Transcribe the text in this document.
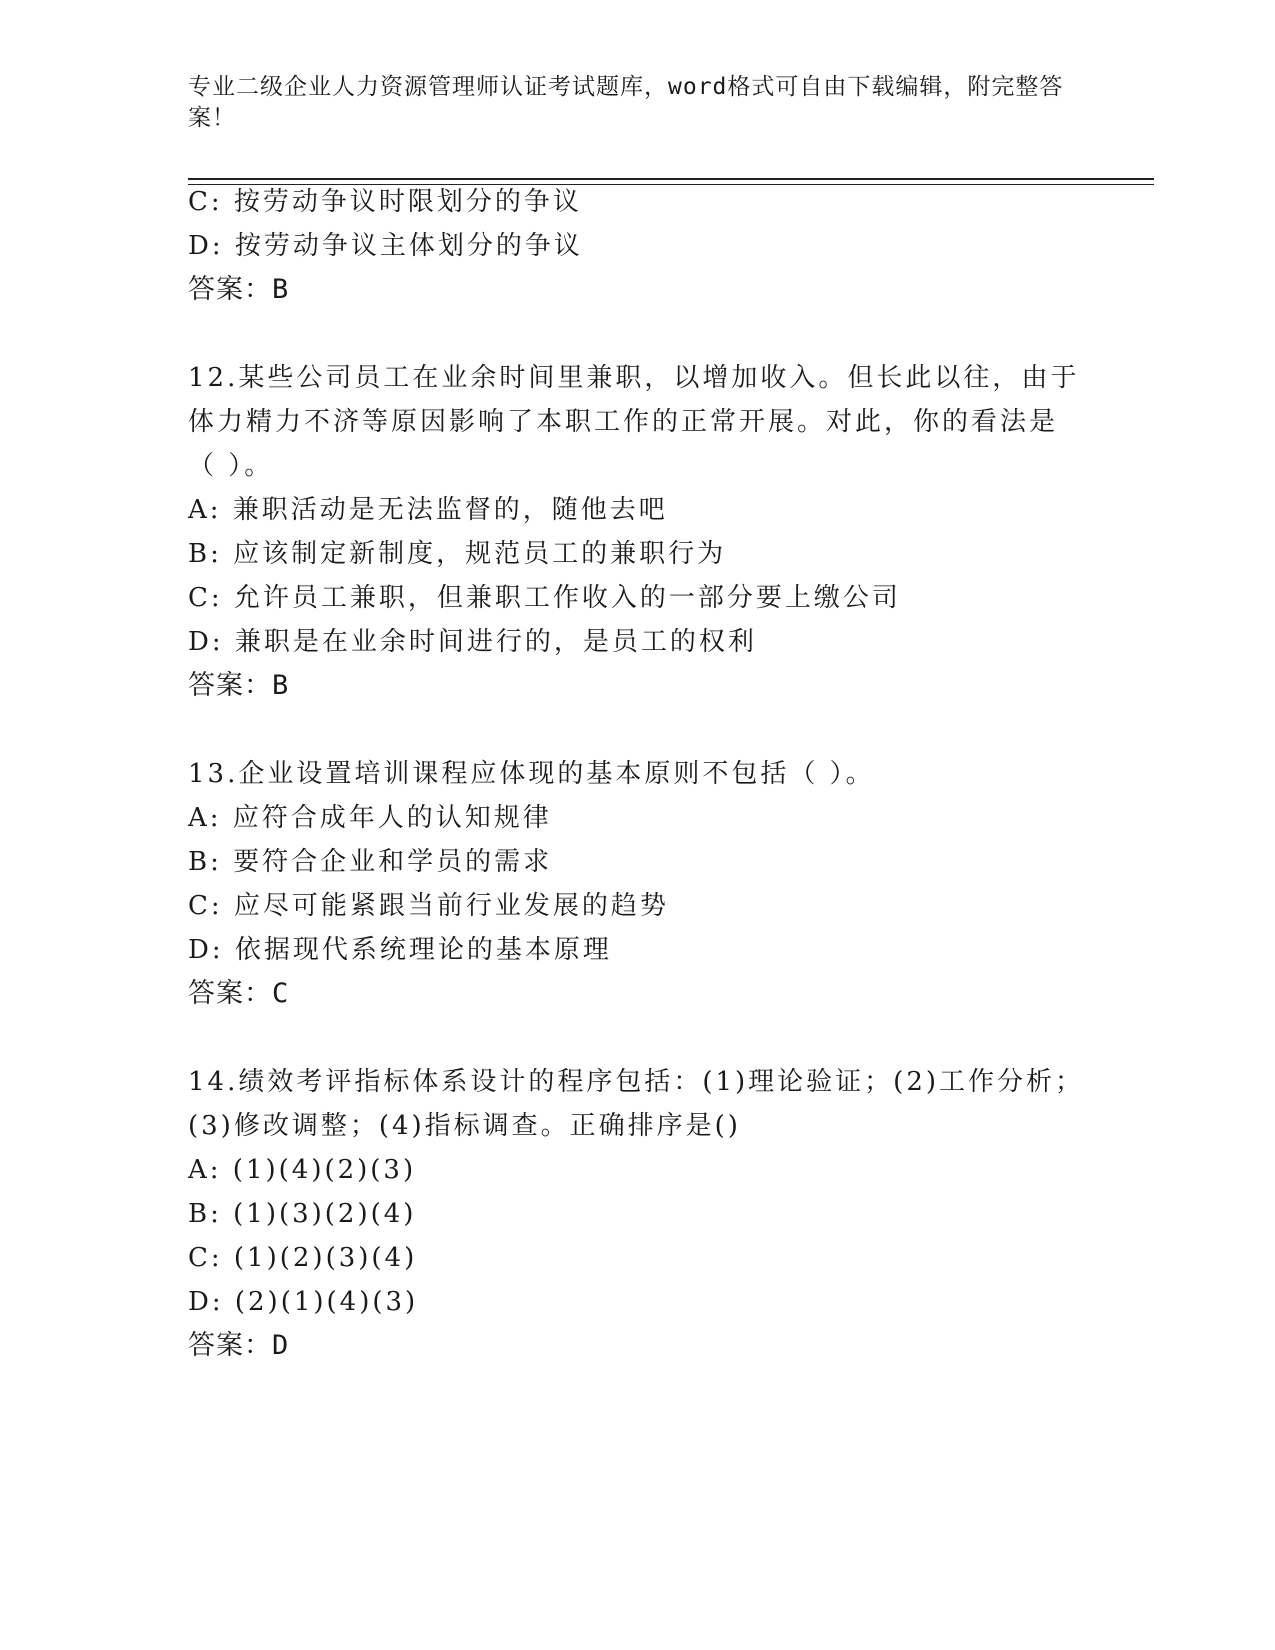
专业二级企业人力资源管理师认证考试题库，word格式可自由下载编辑，附完整答案！
C: 按劳动争议时限划分的争议
D: 按劳动争议主体划分的争议
答案：B
12.某些公司员工在业余时间里兼职，以增加收入。但长此以往，由于
体力精力不济等原因影响了本职工作的正常开展。对此，你的看法是
（ ）。
A: 兼职活动是无法监督的，随他去吧
B: 应该制定新制度，规范员工的兼职行为
C: 允许员工兼职，但兼职工作收入的一部分要上缴公司
D: 兼职是在业余时间进行的，是员工的权利
答案：B
13.企业设置培训课程应体现的基本原则不包括（ ）。
A: 应符合成年人的认知规律
B: 要符合企业和学员的需求
C: 应尽可能紧跟当前行业发展的趋势
D: 依据现代系统理论的基本原理
答案：C
14.绩效考评指标体系设计的程序包括：(1)理论验证；(2)工作分析；
(3)修改调整；(4)指标调查。正确排序是()
A: (1)(4)(2)(3)
B: (1)(3)(2)(4)
C: (1)(2)(3)(4)
D: (2)(1)(4)(3)
答案：D
